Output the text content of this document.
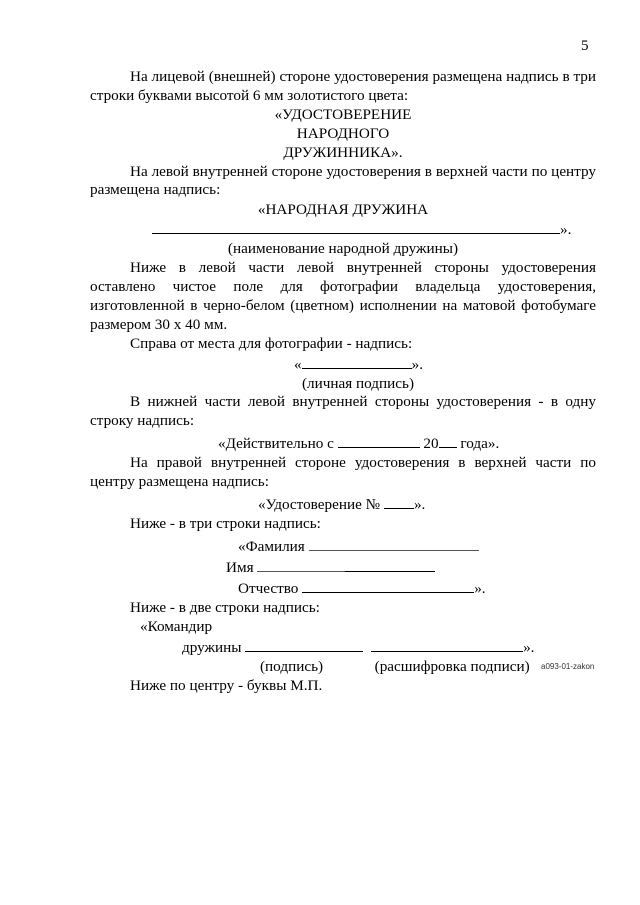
5

На лицевой (внешней) стороне удостоверения размещена надпись в три строки буквами высотой 6 мм золотистого цвета:

«УДОСТОВЕРЕНИЕ

НАРОДНОГО

ДРУЖИННИКА».

На левой внутренней стороне удостоверения в верхней части по центру размещена надпись:

«НАРОДНАЯ ДРУЖИНА

».

(наименование народной дружины)

Ниже в левой части левой внутренней стороны удостоверения оставлено чистое поле для фотографии владельца удостоверения, изготовленной в черно-белом (цветном) исполнении на матовой фотобумаге размером 30 х 40 мм.

Справа от места для фотографии - надпись:

«	».

(личная подпись)

В нижней части левой внутренней стороны удостоверения - в одну строку надпись:

«Действительно с	20 года».

На правой внутренней стороне удостоверения в верхней части по центру размещена надпись:

«Удостоверение № ».

Ниже - в три строки надпись:

«Фамилия

Имя

Отчество	».

Ниже - в две строки надпись:

«Командир

дружины	».

(подпись)	(расшифровка подписи)

Ниже по центру - буквы М.П.

a093-01-zakon
